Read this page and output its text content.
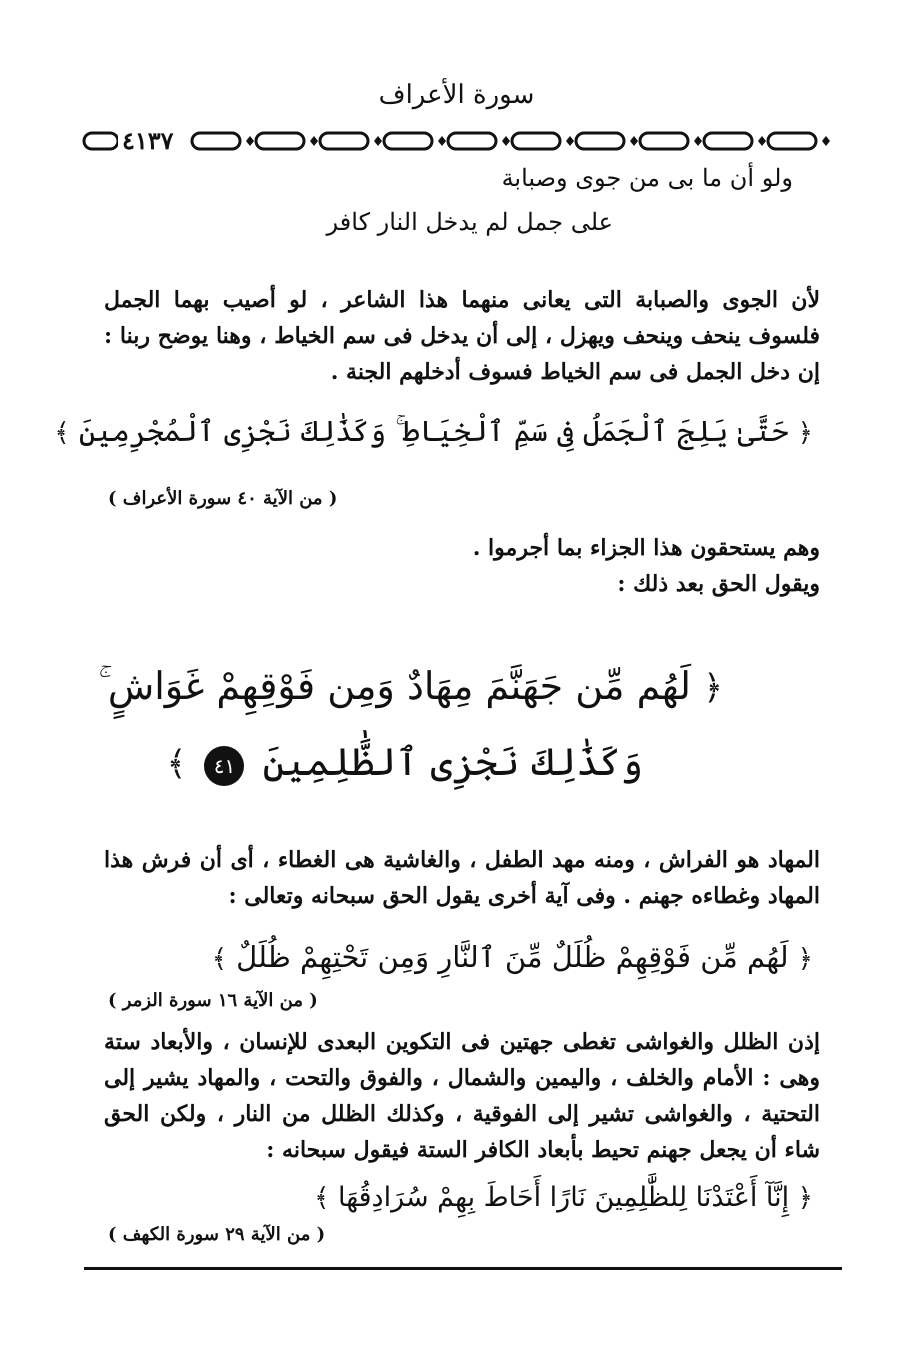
سورة الأعراف
٤١٣٧
ولو أن ما بى من جوى وصبابة
على جمل لم يدخل النار كافر
لأن الجوى والصبابة التى يعانى منهما هذا الشاعر ، لو أصيب بهما الجمل فلسوف ينحف وينحف ويهزل ، إلى أن يدخل فى سم الخياط ، وهنا يوضح ربنا : إن دخل الجمل فى سم الخياط فسوف أدخلهم الجنة .
﴿ حَتَّىٰ يَلِجَ ٱلْجَمَلُ فِى سَمِّ ٱلْخِيَاطِ ۚ وَكَذَٰلِكَ نَجْزِى ٱلْمُجْرِمِينَ ﴾
( من الآية ٤٠ سورة الأعراف )
وهم يستحقون هذا الجزاء بما أجرموا .
ويقول الحق بعد ذلك :
﴿ لَهُم مِّن جَهَنَّمَ مِهَادٌ وَمِن فَوْقِهِمْ غَوَاشٍ ۚ
وَكَذَٰلِكَ نَجْزِى ٱلظَّٰلِمِينَ ٤١ ﴾
المهاد هو الفراش ، ومنه مهد الطفل ، والغاشية هى الغطاء ، أى أن فرش هذا المهاد وغطاءه جهنم . وفى آية أخرى يقول الحق سبحانه وتعالى :
﴿ لَهُم مِّن فَوْقِهِمْ ظُلَلٌ مِّنَ ٱلنَّارِ وَمِن تَحْتِهِمْ ظُلَلٌ ﴾
( من الآية ١٦ سورة الزمر )
إذن الظلل والغواشى تغطى جهتين فى التكوين البعدى للإنسان ، والأبعاد ستة وهى : الأمام والخلف ، واليمين والشمال ، والفوق والتحت ، والمهاد يشير إلى التحتية ، والغواشى تشير إلى الفوقية ، وكذلك الظلل من النار ، ولكن الحق شاء أن يجعل جهنم تحيط بأبعاد الكافر الستة فيقول سبحانه :
﴿ إِنَّآ أَعْتَدْنَا لِلظَّٰلِمِينَ نَارًا أَحَاطَ بِهِمْ سُرَادِقُهَا ﴾
( من الآية ٢٩ سورة الكهف )
